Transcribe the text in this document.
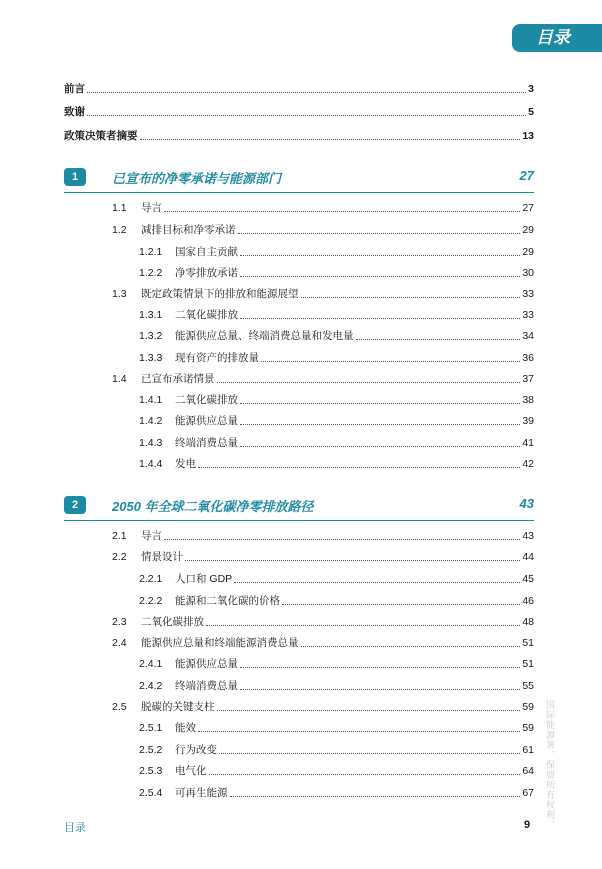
目录
前言	3
致谢	5
政策决策者摘要	13
1	已宣布的净零承诺与能源部门	27
1.1	导言	27
1.2	减排目标和净零承诺	29
1.2.1	国家自主贡献	29
1.2.2	净零排放承诺	30
1.3	既定政策情景下的排放和能源展望	33
1.3.1	二氧化碳排放	33
1.3.2	能源供应总量、终端消费总量和发电量	34
1.3.3	现有资产的排放量	36
1.4	已宣布承诺情景	37
1.4.1	二氧化碳排放	38
1.4.2	能源供应总量	39
1.4.3	终端消费总量	41
1.4.4	发电	42
2	2050 年全球二氧化碳净零排放路径	43
2.1	导言	43
2.2	情景设计	44
2.2.1	人口和 GDP	45
2.2.2	能源和二氧化碳的价格	46
2.3	二氧化碳排放	48
2.4	能源供应总量和终端能源消费总量	51
2.4.1	能源供应总量	51
2.4.2	终端消费总量	55
2.5	脱碳的关键支柱	59
2.5.1	能效	59
2.5.2	行为改变	61
2.5.3	电气化	64
2.5.4	可再生能源	67
目录	9 国际能源署，保留所有权利。
